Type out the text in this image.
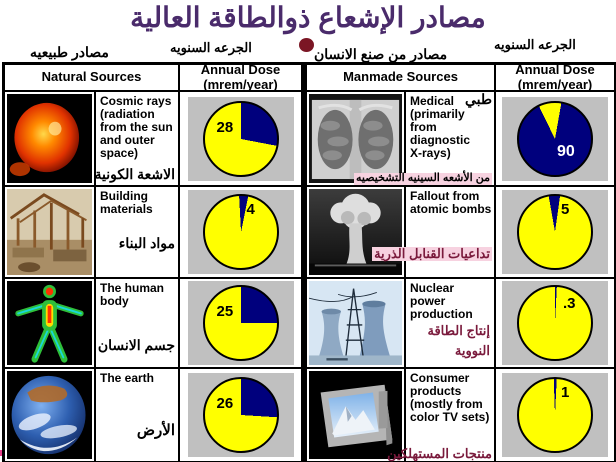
مصادر الإشعاع ذوالطاقة العالية
مصادر طبيعيه	الجرعه السنويه	مصادر من صنع الانسان
الجرعه السنويه
Natural Sources	Annual Dose
(mrem/year)
Cosmic rays (radiation from the sun and outer space)
الاشعة الكونية
28
Building materials
مواد البناء
4
The human body
جسم الانسان
25
The earth
الأرض
26
Manmade Sources	Annual Dose
(mrem/year)
Medical (primarily from diagnostic X-rays)
طبي
من الأشعه السينيه التشخيصيه
90
Fallout from atomic bombs
تداعيات القنابل الذرية
5
Nuclear power production
إنتاج الطاقة النووية
.3
Consumer products (mostly from color TV sets)
منتجات المستهلكين
1
